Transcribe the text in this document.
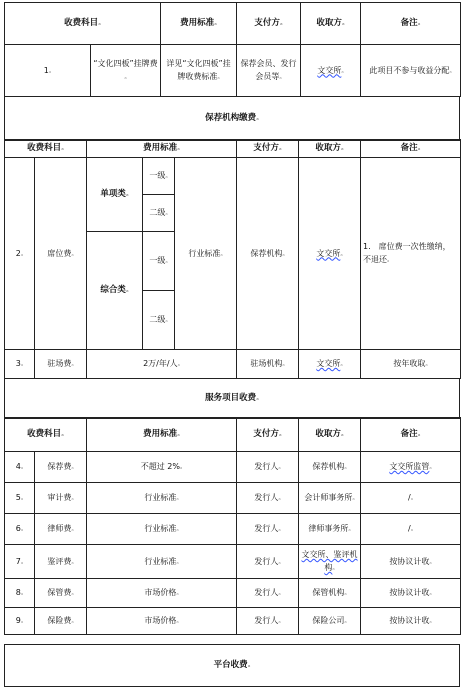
收费科目ₐ		费用标准ₐ	支付方ₐ	收取方ₐ	备注ₐ
1ₐ	“文化四板”挂牌费ₐ	详见“文化四板”挂牌收费标准ₐ	保荐会员、发行会员等ₐ	文交所ₐ	此项目不参与收益分配ₐ
保荐机构缴费ₐ
收费科目ₐ		费用标准ₐ			支付方ₐ	收取方ₐ	备注ₐ
2ₐ	席位费ₐ	单项类ₐ	一级ₐ	行业标准ₐ	保荐机构ₐ	文交所ₐ	1.　席位费一次性缴纳，不退还ₐ
			二级ₐ				
		综合类ₐ	一级ₐ				
			二级ₐ				
3ₐ	驻场费ₐ	2万/年/人ₐ			驻场机构ₐ	文交所ₐ	按年收取ₐ
服务项目收费ₐ
收费科目ₐ		费用标准ₐ	支付方ₐ	收取方ₐ	备注ₐ
4ₐ	保荐费ₐ	不超过 2%ₐ	发行人ₐ	保荐机构ₐ	文交所监管ₐ
5ₐ	审计费ₐ	行业标准ₐ	发行人ₐ	会计师事务所ₐ	/ₐ
6ₐ	律师费ₐ	行业标准ₐ	发行人ₐ	律师事务所ₐ	/ₐ
7ₐ	鉴评费ₐ	行业标准ₐ	发行人ₐ	文交所、鉴评机构ₐ	按协议计收ₐ
8ₐ	保管费ₐ	市场价格ₐ	发行人ₐ	保管机构ₐ	按协议计收ₐ
9ₐ	保险费ₐ	市场价格ₐ	发行人ₐ	保险公司ₐ	按协议计收ₐ
平台收费ₐ
